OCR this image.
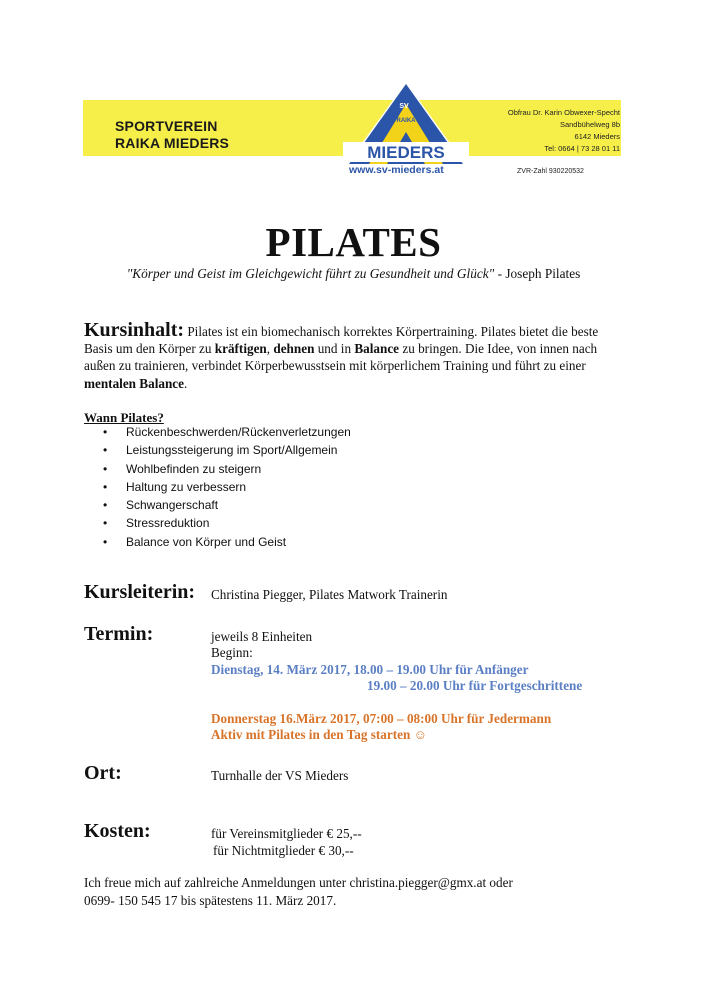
SPORTVEREIN
RAIKA MIEDERS
SV
RAIKA
MIEDERS
www.sv-mieders.at
Obfrau Dr. Karin Obwexer-Specht
Sandbühelweg 8b
6142 Mieders
Tel: 0664 | 73 28 01 11
ZVR-Zahl 930220532
PILATES
"Körper und Geist im Gleichgewicht führt zu Gesundheit und Glück" - Joseph Pilates
Kursinhalt: Pilates ist ein biomechanisch korrektes Körpertraining. Pilates bietet die beste Basis um den Körper zu kräftigen, dehnen und in Balance zu bringen. Die Idee, von innen nach außen zu trainieren, verbindet Körperbewusstsein mit körperlichem Training und führt zu einer mentalen Balance.
Wann Pilates?
• Rückenbeschwerden/Rückenverletzungen
• Leistungssteigerung im Sport/Allgemein
• Wohlbefinden zu steigern
• Haltung zu verbessern
• Schwangerschaft
• Stressreduktion
• Balance von Körper und Geist
Kursleiterin: Christina Piegger, Pilates Matwork Trainerin
Termin:	jeweils 8 Einheiten
Beginn:
Dienstag, 14. März 2017, 18.00 – 19.00 Uhr für Anfänger
19.00 – 20.00 Uhr für Fortgeschrittene
Donnerstag 16.März 2017, 07:00 – 08:00 Uhr für Jedermann
Aktiv mit Pilates in den Tag starten ☺
Ort:	Turnhalle der VS Mieders
Kosten:	für Vereinsmitglieder € 25,--
für Nichtmitglieder € 30,--
Ich freue mich auf zahlreiche Anmeldungen unter christina.piegger@gmx.at oder
0699- 150 545 17 bis spätestens 11. März 2017.
